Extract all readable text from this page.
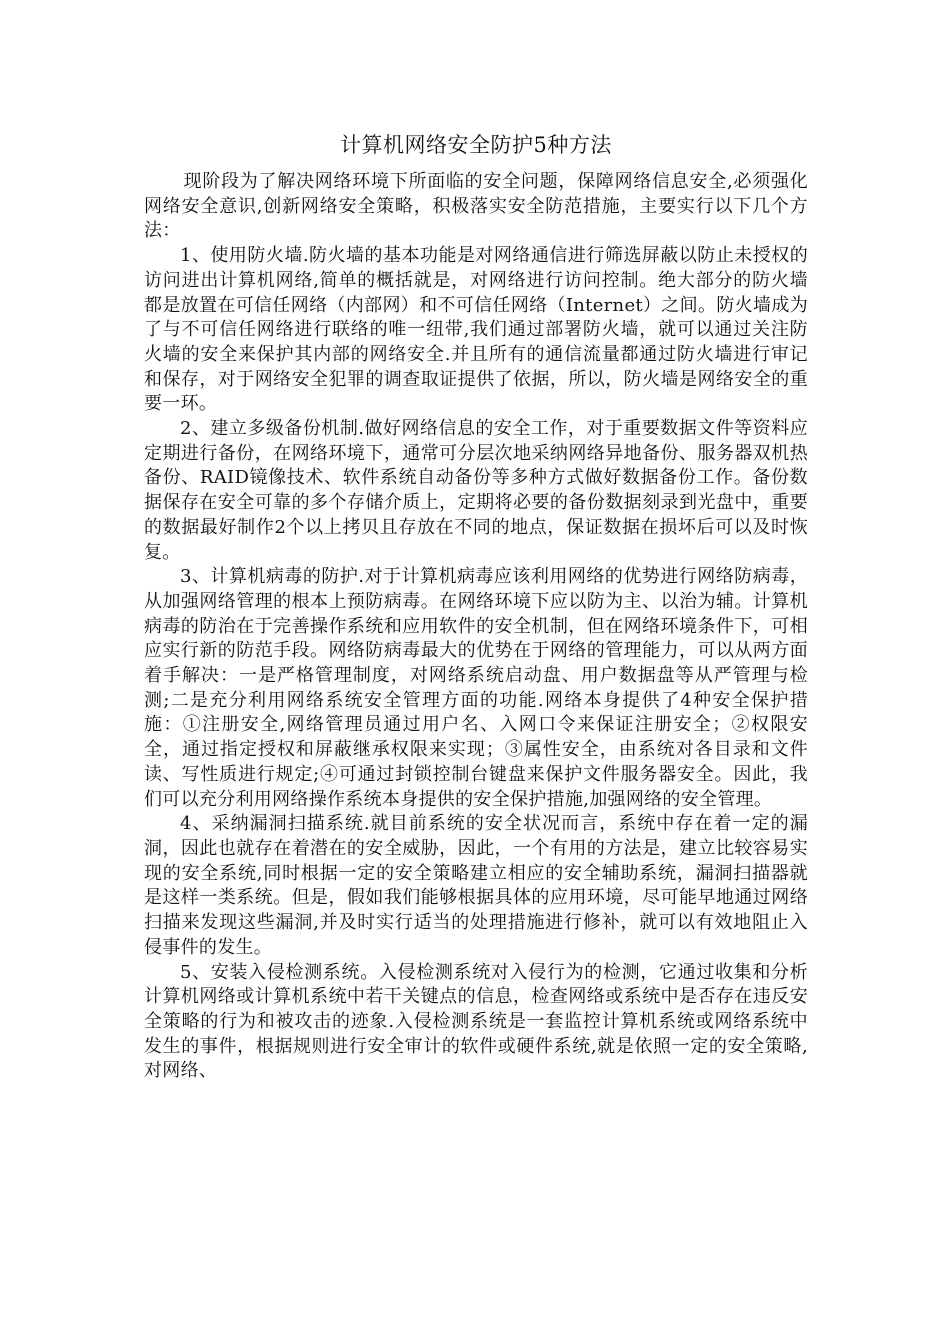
计算机网络安全防护5种方法

现阶段为了解决网络环境下所面临的安全问题，保障网络信息安全,必须强化网络安全意识,创新网络安全策略，积极落实安全防范措施，主要实行以下几个方法：

1、使用防火墙.防火墙的基本功能是对网络通信进行筛选屏蔽以防止未授权的访问进出计算机网络,简单的概括就是，对网络进行访问控制。绝大部分的防火墙都是放置在可信任网络（内部网）和不可信任网络（Internet）之间。防火墙成为了与不可信任网络进行联络的唯一纽带,我们通过部署防火墙，就可以通过关注防火墙的安全来保护其内部的网络安全.并且所有的通信流量都通过防火墙进行审记和保存，对于网络安全犯罪的调查取证提供了依据，所以，防火墙是网络安全的重要一环。

2、建立多级备份机制.做好网络信息的安全工作，对于重要数据文件等资料应定期进行备份，在网络环境下，通常可分层次地采纳网络异地备份、服务器双机热备份、RAID镜像技术、软件系统自动备份等多种方式做好数据备份工作。备份数据保存在安全可靠的多个存储介质上，定期将必要的备份数据刻录到光盘中，重要的数据最好制作2个以上拷贝且存放在不同的地点，保证数据在损坏后可以及时恢复。

3、计算机病毒的防护.对于计算机病毒应该利用网络的优势进行网络防病毒，从加强网络管理的根本上预防病毒。在网络环境下应以防为主、以治为辅。计算机病毒的防治在于完善操作系统和应用软件的安全机制，但在网络环境条件下，可相应实行新的防范手段。网络防病毒最大的优势在于网络的管理能力，可以从两方面着手解决：一是严格管理制度，对网络系统启动盘、用户数据盘等从严管理与检测;二是充分利用网络系统安全管理方面的功能.网络本身提供了4种安全保护措施：①注册安全,网络管理员通过用户名、入网口令来保证注册安全；②权限安全，通过指定授权和屏蔽继承权限来实现；③属性安全，由系统对各目录和文件读、写性质进行规定;④可通过封锁控制台键盘来保护文件服务器安全。因此，我们可以充分利用网络操作系统本身提供的安全保护措施,加强网络的安全管理。

4、采纳漏洞扫描系统.就目前系统的安全状况而言，系统中存在着一定的漏洞，因此也就存在着潜在的安全威胁，因此，一个有用的方法是，建立比较容易实现的安全系统,同时根据一定的安全策略建立相应的安全辅助系统，漏洞扫描器就是这样一类系统。但是，假如我们能够根据具体的应用环境，尽可能早地通过网络扫描来发现这些漏洞,并及时实行适当的处理措施进行修补，就可以有效地阻止入侵事件的发生。

5、安装入侵检测系统。入侵检测系统对入侵行为的检测，它通过收集和分析计算机网络或计算机系统中若干关键点的信息，检查网络或系统中是否存在违反安全策略的行为和被攻击的迹象.入侵检测系统是一套监控计算机系统或网络系统中发生的事件，根据规则进行安全审计的软件或硬件系统,就是依照一定的安全策略,对网络、
